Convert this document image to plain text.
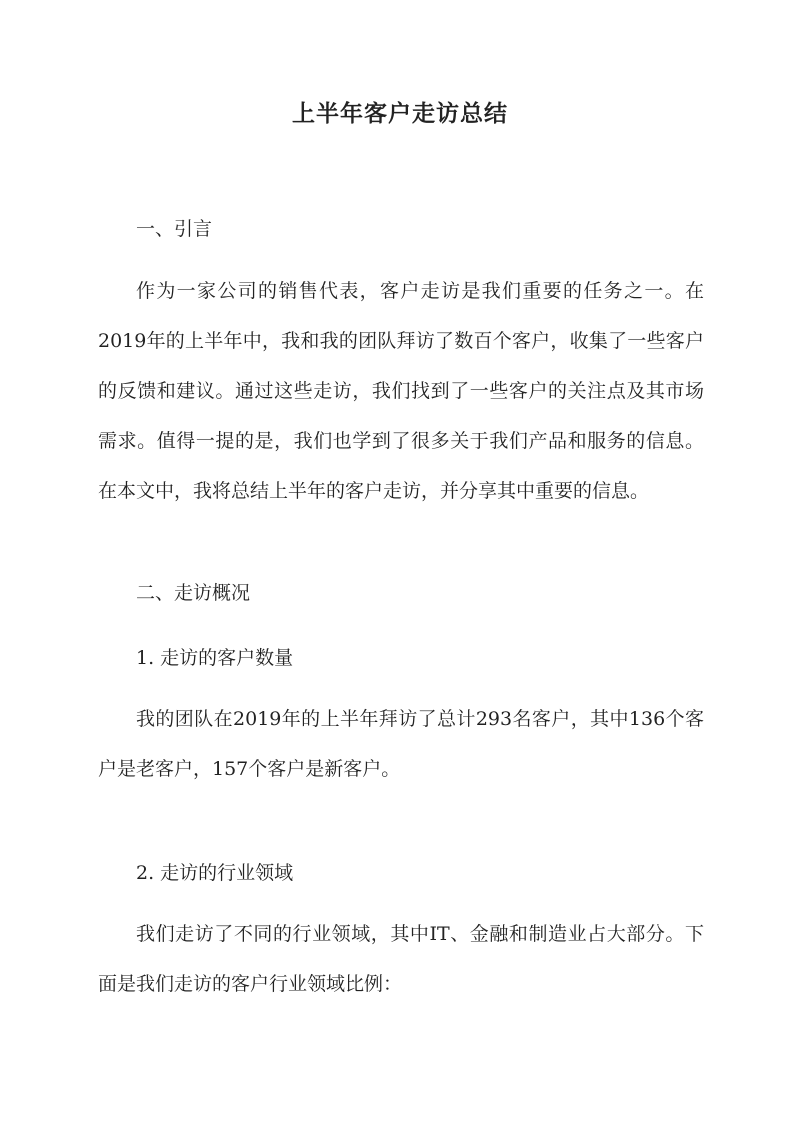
上半年客户走访总结
一、引言

作为一家公司的销售代表，客户走访是我们重要的任务之一。在2019年的上半年中，我和我的团队拜访了数百个客户，收集了一些客户的反馈和建议。通过这些走访，我们找到了一些客户的关注点及其市场需求。值得一提的是，我们也学到了很多关于我们产品和服务的信息。在本文中，我将总结上半年的客户走访，并分享其中重要的信息。

二、走访概况
1. 走访的客户数量

我的团队在2019年的上半年拜访了总计293名客户，其中136个客户是老客户，157个客户是新客户。

2. 走访的行业领域

我们走访了不同的行业领域，其中IT、金融和制造业占大部分。下面是我们走访的客户行业领域比例：
